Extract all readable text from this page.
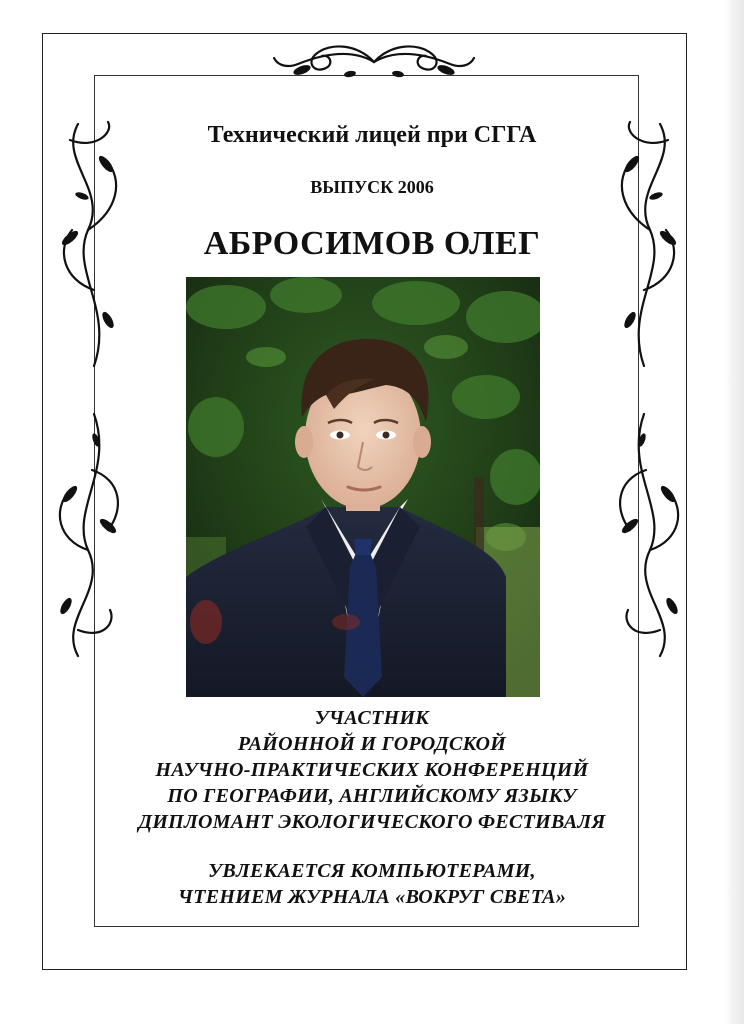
Технический лицей при СГГА
ВЫПУСК 2006
АБРОСИМОВ ОЛЕГ
УЧАСТНИК
РАЙОННОЙ И ГОРОДСКОЙ
НАУЧНО-ПРАКТИЧЕСКИХ КОНФЕРЕНЦИЙ
ПО ГЕОГРАФИИ, АНГЛИЙСКОМУ ЯЗЫКУ
ДИПЛОМАНТ ЭКОЛОГИЧЕСКОГО ФЕСТИВАЛЯ
УВЛЕКАЕТСЯ КОМПЬЮТЕРАМИ,
ЧТЕНИЕМ ЖУРНАЛА «ВОКРУГ СВЕТА»
